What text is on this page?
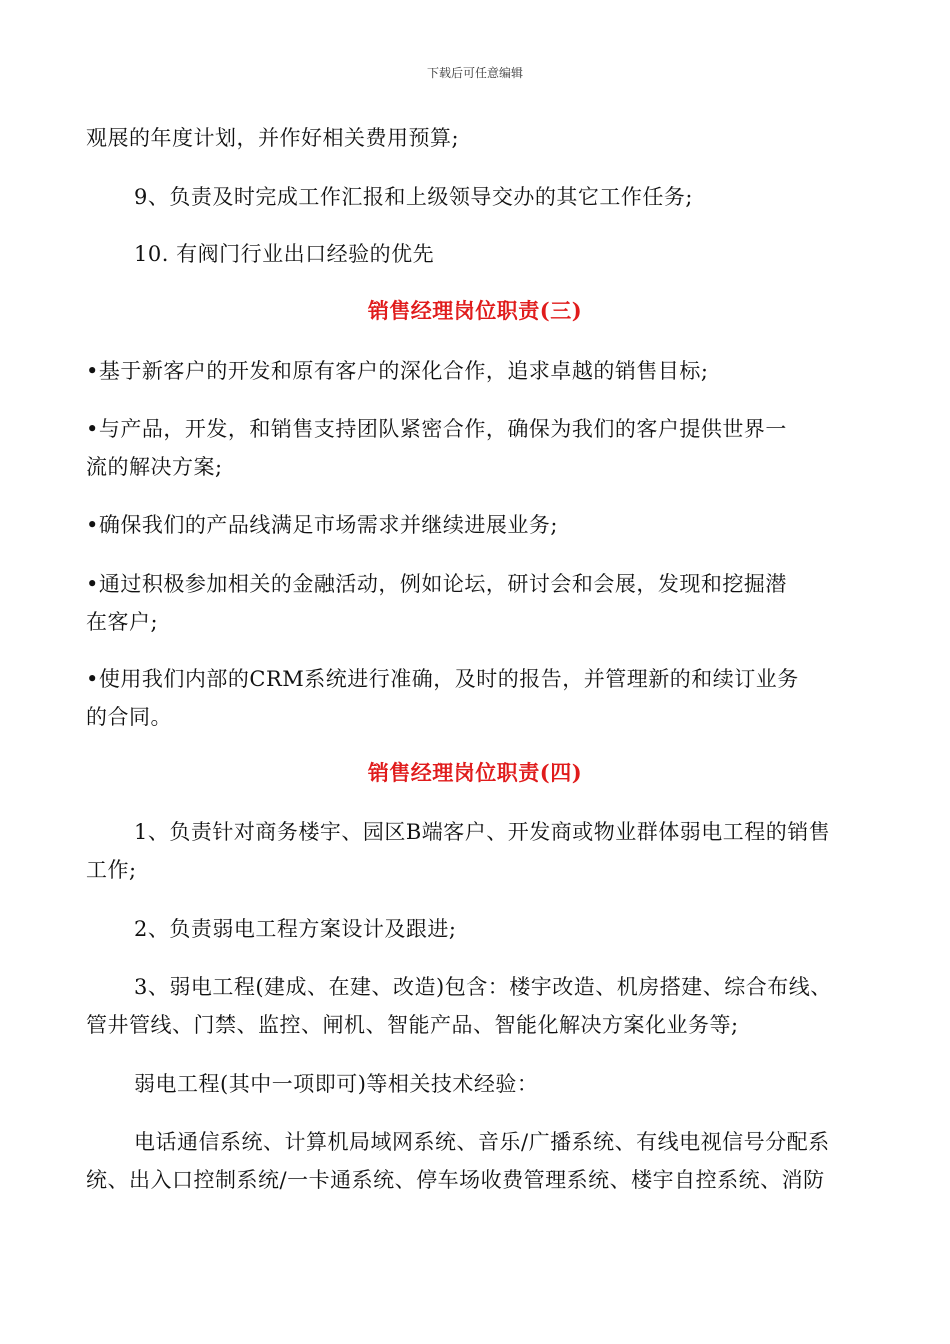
下载后可任意编辑
观展的年度计划，并作好相关费用预算;
9、负责及时完成工作汇报和上级领导交办的其它工作任务;
10. 有阀门行业出口经验的优先
销售经理岗位职责(三)
•基于新客户的开发和原有客户的深化合作，追求卓越的销售目标;
•与产品，开发，和销售支持团队紧密合作，确保为我们的客户提供世界一
流的解决方案;
•确保我们的产品线满足市场需求并继续进展业务;
•通过积极参加相关的金融活动，例如论坛，研讨会和会展，发现和挖掘潜
在客户;
•使用我们内部的CRM系统进行准确，及时的报告，并管理新的和续订业务
的合同。
销售经理岗位职责(四)
1、负责针对商务楼宇、园区B端客户、开发商或物业群体弱电工程的销售
工作;
2、负责弱电工程方案设计及跟进;
3、弱电工程(建成、在建、改造)包含：楼宇改造、机房搭建、综合布线、
管井管线、门禁、监控、闸机、智能产品、智能化解决方案化业务等;
弱电工程(其中一项即可)等相关技术经验：
电话通信系统、计算机局域网系统、音乐/广播系统、有线电视信号分配系
统、出入口控制系统/一卡通系统、停车场收费管理系统、楼宇自控系统、消防
